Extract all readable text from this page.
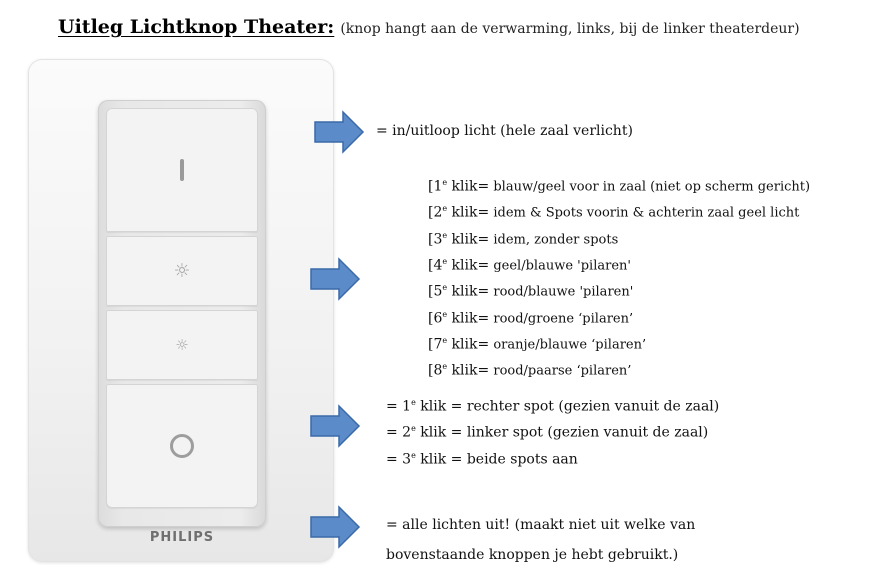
Uitleg Lichtknop Theater: (knop hangt aan de verwarming, links, bij de linker theaterdeur)
☼
☼
PHILIPS
= in/uitloop licht (hele zaal verlicht)
[1e klik= blauw/geel voor in zaal (niet op scherm gericht)
[2e klik= idem & Spots voorin & achterin zaal geel licht
[3e klik= idem, zonder spots
[4e klik= geel/blauwe 'pilaren'
[5e klik= rood/blauwe 'pilaren'
[6e klik= rood/groene ‘pilaren’
[7e klik= oranje/blauwe ‘pilaren’
[8e klik= rood/paarse ‘pilaren’
= $1^e$ klik = rechter spot (gezien vanuit de zaal)
= $2^e$ klik = linker spot (gezien vanuit de zaal)
= $3^e$ klik = beide spots aan
= alle lichten uit! (maakt niet uit welke van
bovenstaande knoppen je hebt gebruikt.)
